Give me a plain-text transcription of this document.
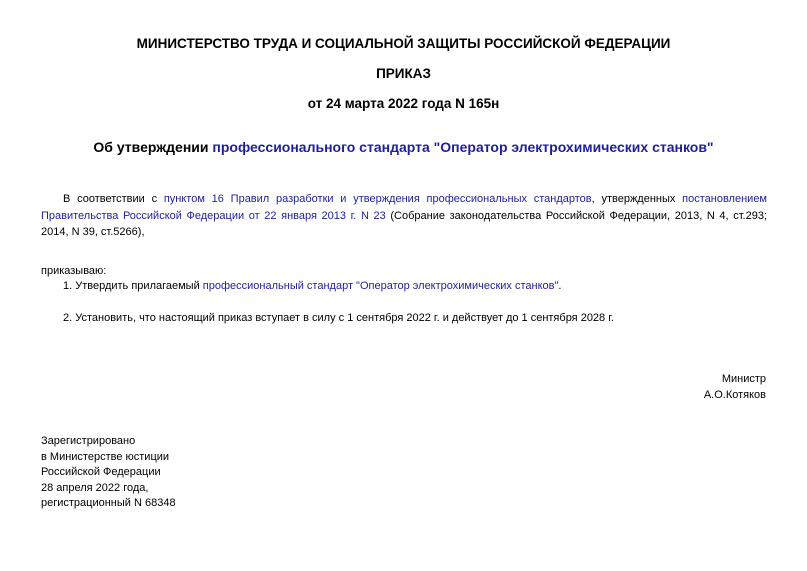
МИНИСТЕРСТВО ТРУДА И СОЦИАЛЬНОЙ ЗАЩИТЫ РОССИЙСКОЙ ФЕДЕРАЦИИ
ПРИКАЗ
от 24 марта 2022 года N 165н
Об утверждении профессионального стандарта "Оператор электрохимических станков"
В соответствии с пунктом 16 Правил разработки и утверждения профессиональных стандартов, утвержденных постановлением Правительства Российской Федерации от 22 января 2013 г. N 23 (Собрание законодательства Российской Федерации, 2013, N 4, ст.293; 2014, N 39, ст.5266),
приказываю:
1. Утвердить прилагаемый профессиональный стандарт "Оператор электрохимических станков".
2. Установить, что настоящий приказ вступает в силу с 1 сентября 2022 г. и действует до 1 сентября 2028 г.
Министр
А.О.Котяков
Зарегистрировано
в Министерстве юстиции
Российской Федерации
28 апреля 2022 года,
регистрационный N 68348
